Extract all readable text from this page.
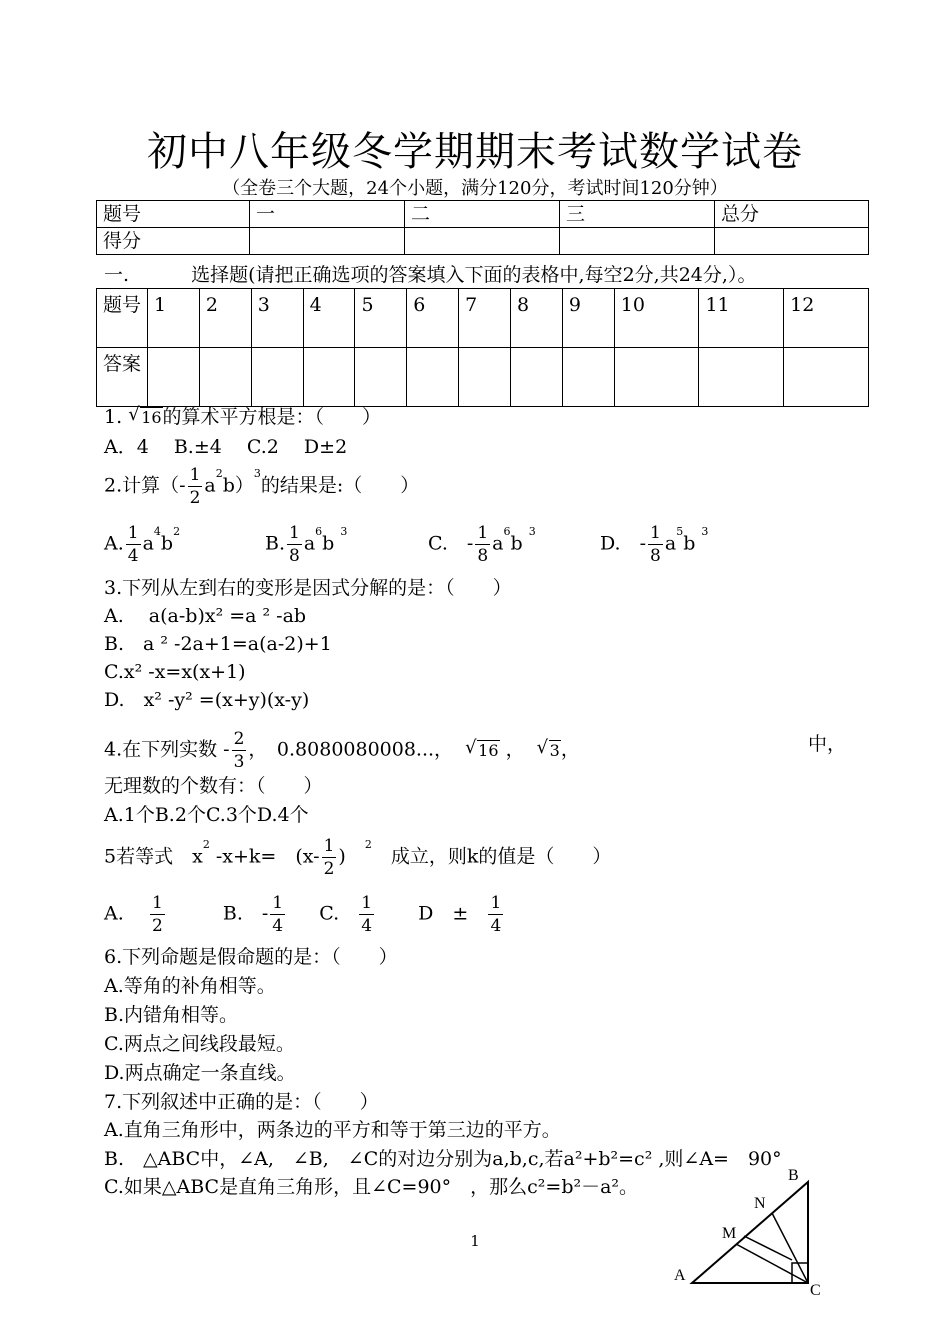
初中八年级冬学期期末考试数学试卷
（全卷三个大题，24个小题，满分120分，考试时间120分钟）
题号	一	二	三	总分
得分				
一.	选择题(请把正确选项的答案填入下面的表格中,每空2分,共24分,）。
题号	1	2	3	4	5	6	7	8	9	10	11	12
答案												
1. √ 16的算术平方根是：（　　）
A．4　 B.±4　 C.2　 D±2
2.计算（- $\frac{1}{2} a^2b)^3$的结果是:（　　）
A. $\frac{1}{4} a^4b^2$
B. $\frac{1}{8} a^6b$ $^3$
C.　- $\frac{1}{8} a^6b$ $^3$
D.　- $\frac{1}{8} a^5b$ $^3$
3.下列从左到右的变形是因式分解的是：（　　）
A.　 a(a-b)x² =a ² -ab
B.　a ² -2a+1=a(a-2)+1
C.x² -x=x(x+1)
D.　x² -y² =(x+y)(x-y)
4.在下列实数 - $\frac{2}{3}$ ，　0.8080080008...， √ 16 ， √ 3，	中，
无理数的个数有：（　　）
A.1个B.2个C.3个D.4个
5若等式　$x^2$ -x+k=　($x- \frac{1}{2}$ )　$^2$　成立，则k的值是（　　）
A. $\frac{1}{2}$	B.　- $\frac{1}{4} C$. $\frac{1}{4}$ D　± $\frac{1}{4}$
6.下列命题是假命题的是：（　　）
A.等角的补角相等。
B.内错角相等。
C.两点之间线段最短。
D.两点确定一条直线。
7.下列叙述中正确的是：（　　）
A.直角三角形中，两条边的平方和等于第三边的平方。
B.　△ABC中，∠A,　∠B,　∠C的对边分别为a,b,c,若a²+b²=c² ,则∠A=　90°
C.如果△ABC是直角三角形，且∠C=90°　，那么c²=b²－a²。
A
B
C
M
N
1
